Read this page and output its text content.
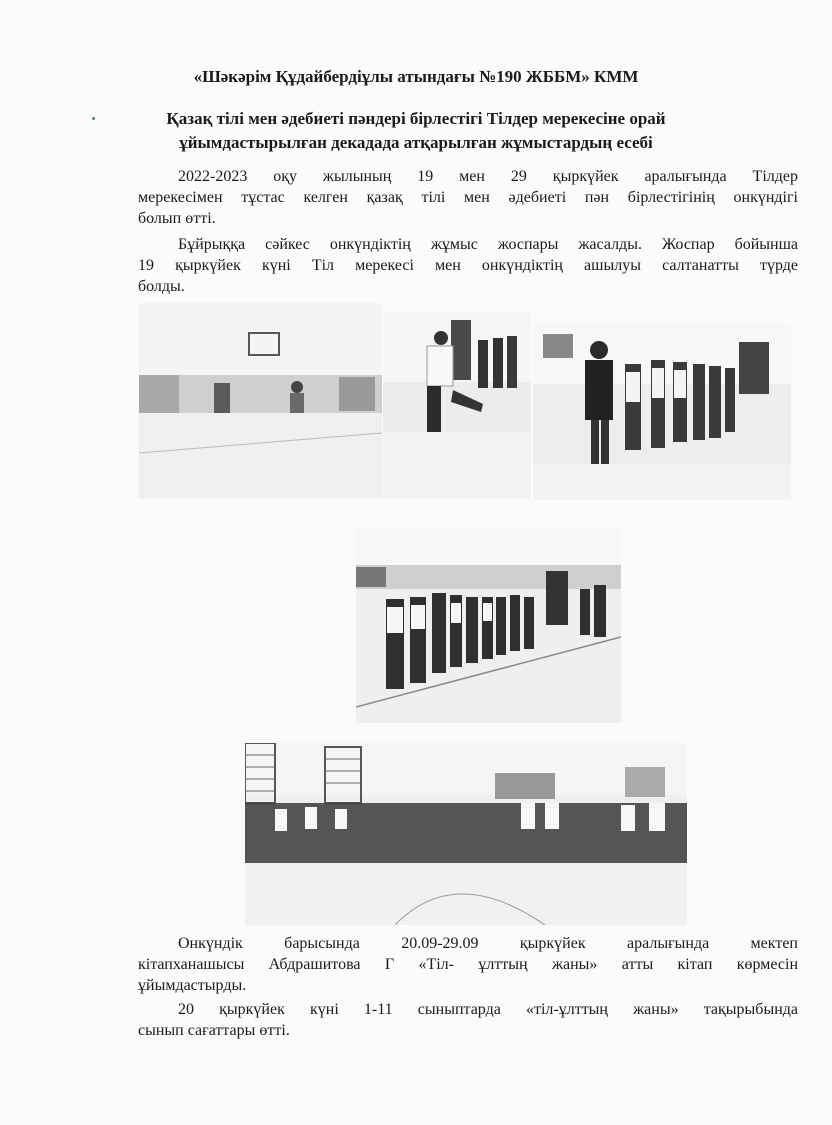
«Шәкәрім Құдайбердіұлы атындағы №190 ЖББМ» КММ
Қазақ тілі мен әдебиеті пәндері бірлестігі Тілдер мерекесіне орай
ұйымдастырылған декадада атқарылған жұмыстардың есебі
2022-2023 оқу жылының 19 мен 29 қыркүйек аралығында Тілдер
мерекесімен тұстас келген қазақ тілі мен әдебиеті пән бірлестігінің онкүндігі
болып өтті.
Бұйрыққа сәйкес онкүндіктің жұмыс жоспары жасалды. Жоспар бойынша
19 қыркүйек күні Тіл мерекесі мен онкүндіктің ашылуы салтанатты түрде
болды.
Онкүндік барысында 20.09-29.09 қыркүйек аралығында мектеп
кітапханашысы Абдрашитова Г «Тіл- ұлттың жаны» атты кітап көрмесін
ұйымдастырды.
20 қыркүйек күні 1-11 сыныптарда «тіл-ұлттың жаны» тақырыбында
сынып сағаттары өтті.
